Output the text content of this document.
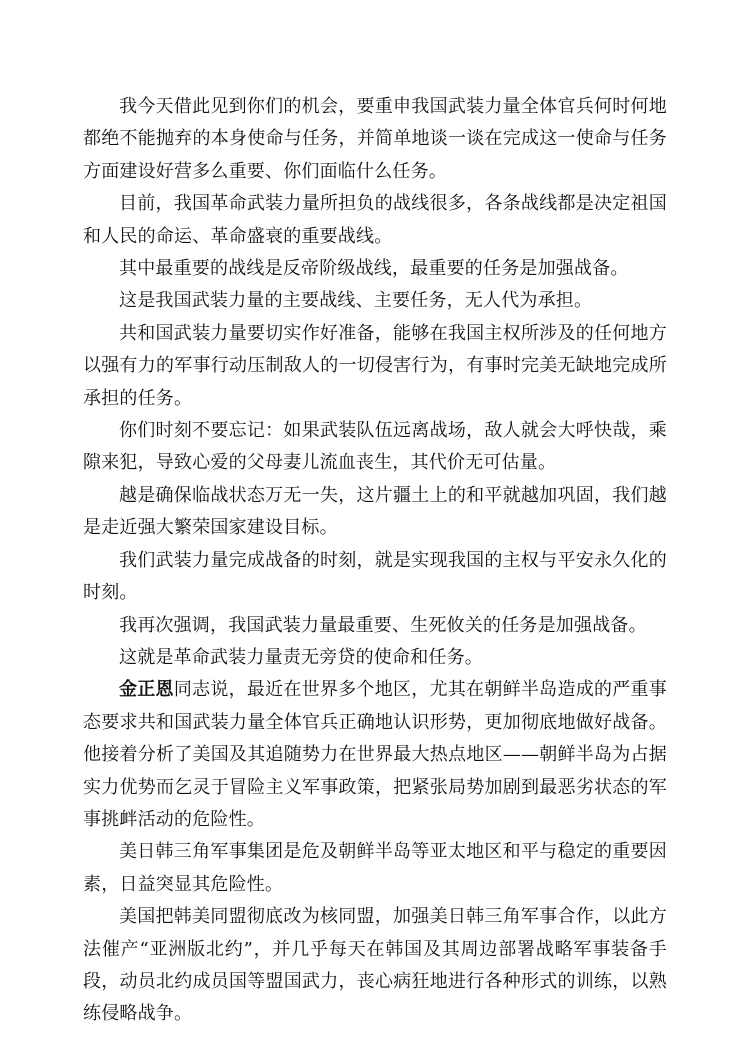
我今天借此见到你们的机会，要重申我国武装力量全体官兵何时何地都绝不能抛弃的本身使命与任务，并简单地谈一谈在完成这一使命与任务方面建设好营多么重要、你们面临什么任务。

目前，我国革命武装力量所担负的战线很多，各条战线都是决定祖国和人民的命运、革命盛衰的重要战线。

其中最重要的战线是反帝阶级战线，最重要的任务是加强战备。

这是我国武装力量的主要战线、主要任务，无人代为承担。

共和国武装力量要切实作好准备，能够在我国主权所涉及的任何地方以强有力的军事行动压制敌人的一切侵害行为，有事时完美无缺地完成所承担的任务。

你们时刻不要忘记：如果武装队伍远离战场，敌人就会大呼快哉，乘隙来犯，导致心爱的父母妻儿流血丧生，其代价无可估量。

越是确保临战状态万无一失，这片疆土上的和平就越加巩固，我们越是走近强大繁荣国家建设目标。

我们武装力量完成战备的时刻，就是实现我国的主权与平安永久化的时刻。

我再次强调，我国武装力量最重要、生死攸关的任务是加强战备。

这就是革命武装力量责无旁贷的使命和任务。

金正恩同志说，最近在世界多个地区，尤其在朝鲜半岛造成的严重事态要求共和国武装力量全体官兵正确地认识形势，更加彻底地做好战备。他接着分析了美国及其追随势力在世界最大热点地区——朝鲜半岛为占据实力优势而乞灵于冒险主义军事政策，把紧张局势加剧到最恶劣状态的军事挑衅活动的危险性。

美日韩三角军事集团是危及朝鲜半岛等亚太地区和平与稳定的重要因素，日益突显其危险性。

美国把韩美同盟彻底改为核同盟，加强美日韩三角军事合作，以此方法催产“亚洲版北约”，并几乎每天在韩国及其周边部署战略军事装备手段，动员北约成员国等盟国武力，丧心病狂地进行各种形式的训练，以熟练侵略战争。
